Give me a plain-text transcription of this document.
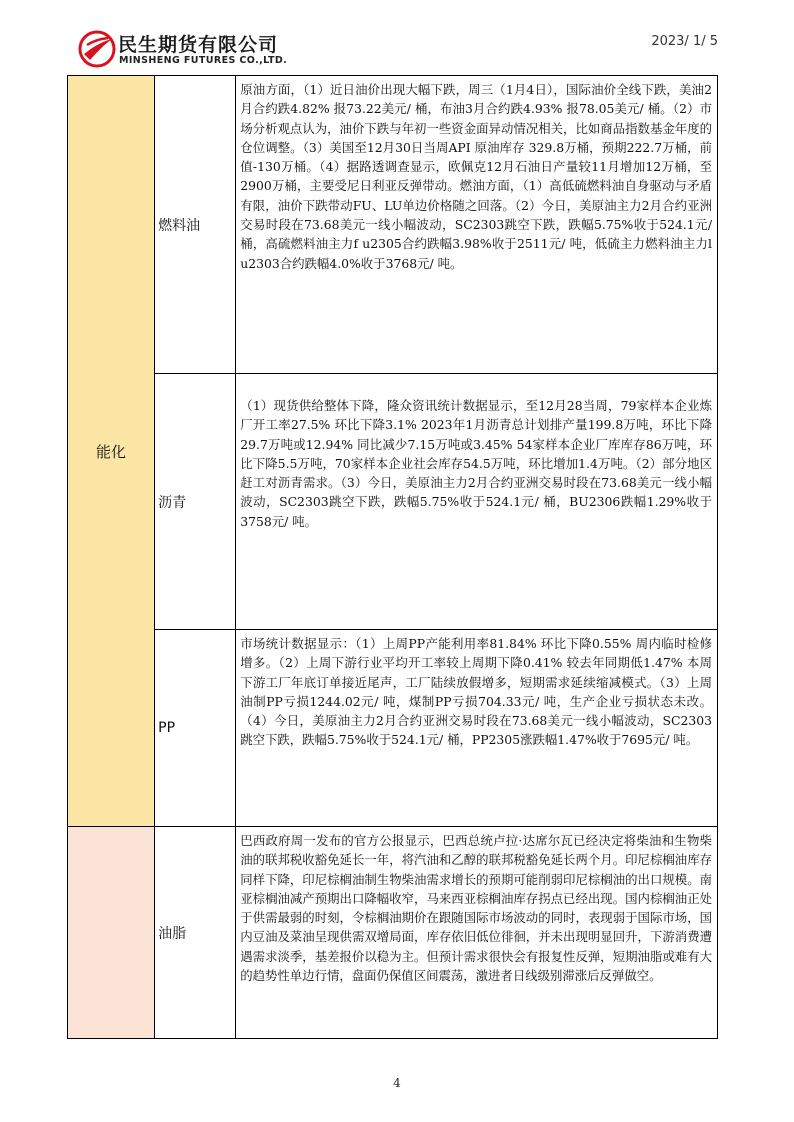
民生期货有限公司
MINSHENG FUTURES CO.,LTD.
2023/ 1/ 5
能化	燃料油	原油方面，（1）近日油价出现大幅下跌，周三（1月4日），国际油价全线下跌，美油2月合约跌4.82% 报73.22美元/ 桶，布油3月合约跌4.93% 报78.05美元/ 桶。（2）市场分析观点认为，油价下跌与年初一些资金面异动情况相关，比如商品指数基金年度的仓位调整。（3）美国至12月30日当周API 原油库存 329.8万桶，预期222.7万桶，前值-130万桶。（4）据路透调查显示，欧佩克12月石油日产量较11月增加12万桶，至2900万桶，主要受尼日利亚反弹带动。燃油方面，（1）高低硫燃料油自身驱动与矛盾有限，油价下跌带动FU、LU单边价格随之回落。（2）今日，美原油主力2月合约亚洲交易时段在73.68美元一线小幅波动，SC2303跳空下跌，跌幅5.75%收于524.1元/ 桶，高硫燃料油主力f u2305合约跌幅3.98%收于2511元/ 吨，低硫主力燃料油主力l u2303合约跌幅4.0%收于3768元/ 吨。

	沥青	（1）现货供给整体下降，隆众资讯统计数据显示，至12月28当周，79家样本企业炼厂开工率27.5% 环比下降3.1% 2023年1月沥青总计划排产量199.8万吨，环比下降29.7万吨或12.94% 同比减少7.15万吨或3.45% 54家样本企业厂库库存86万吨，环比下降5.5万吨，70家样本企业社会库存54.5万吨，环比增加1.4万吨。（2）部分地区赶工对沥青需求。（3）今日，美原油主力2月合约亚洲交易时段在73.68美元一线小幅波动，SC2303跳空下跌，跌幅5.75%收于524.1元/ 桶，BU2306跌幅1.29%收于3758元/ 吨。

	PP	市场统计数据显示：（1）上周PP产能利用率81.84% 环比下降0.55% 周内临时检修增多。（2）上周下游行业平均开工率较上周期下降0.41% 较去年同期低1.47% 本周下游工厂年底订单接近尾声，工厂陆续放假增多，短期需求延续缩减模式。（3）上周油制PP亏损1244.02元/ 吨，煤制PP亏损704.33元/ 吨，生产企业亏损状态未改。（4）今日，美原油主力2月合约亚洲交易时段在73.68美元一线小幅波动，SC2303跳空下跌，跌幅5.75%收于524.1元/ 桶，PP2305涨跌幅1.47%收于7695元/ 吨。

	油脂	巴西政府周一发布的官方公报显示，巴西总统卢拉·达席尔瓦已经决定将柴油和生物柴油的联邦税收豁免延长一年，将汽油和乙醇的联邦税豁免延长两个月。印尼棕榈油库存同样下降，印尼棕榈油制生物柴油需求增长的预期可能削弱印尼棕榈油的出口规模。南亚棕榈油减产预期出口降幅收窄，马来西亚棕榈油库存拐点已经出现。国内棕榈油正处于供需最弱的时刻，令棕榈油期价在跟随国际市场波动的同时，表现弱于国际市场，国内豆油及菜油呈现供需双增局面，库存依旧低位徘徊，并未出现明显回升，下游消费遭遇需求淡季，基差报价以稳为主。但预计需求很快会有报复性反弹，短期油脂或难有大的趋势性单边行情，盘面仍保值区间震荡，激进者日线级别滞涨后反弹做空。

4
